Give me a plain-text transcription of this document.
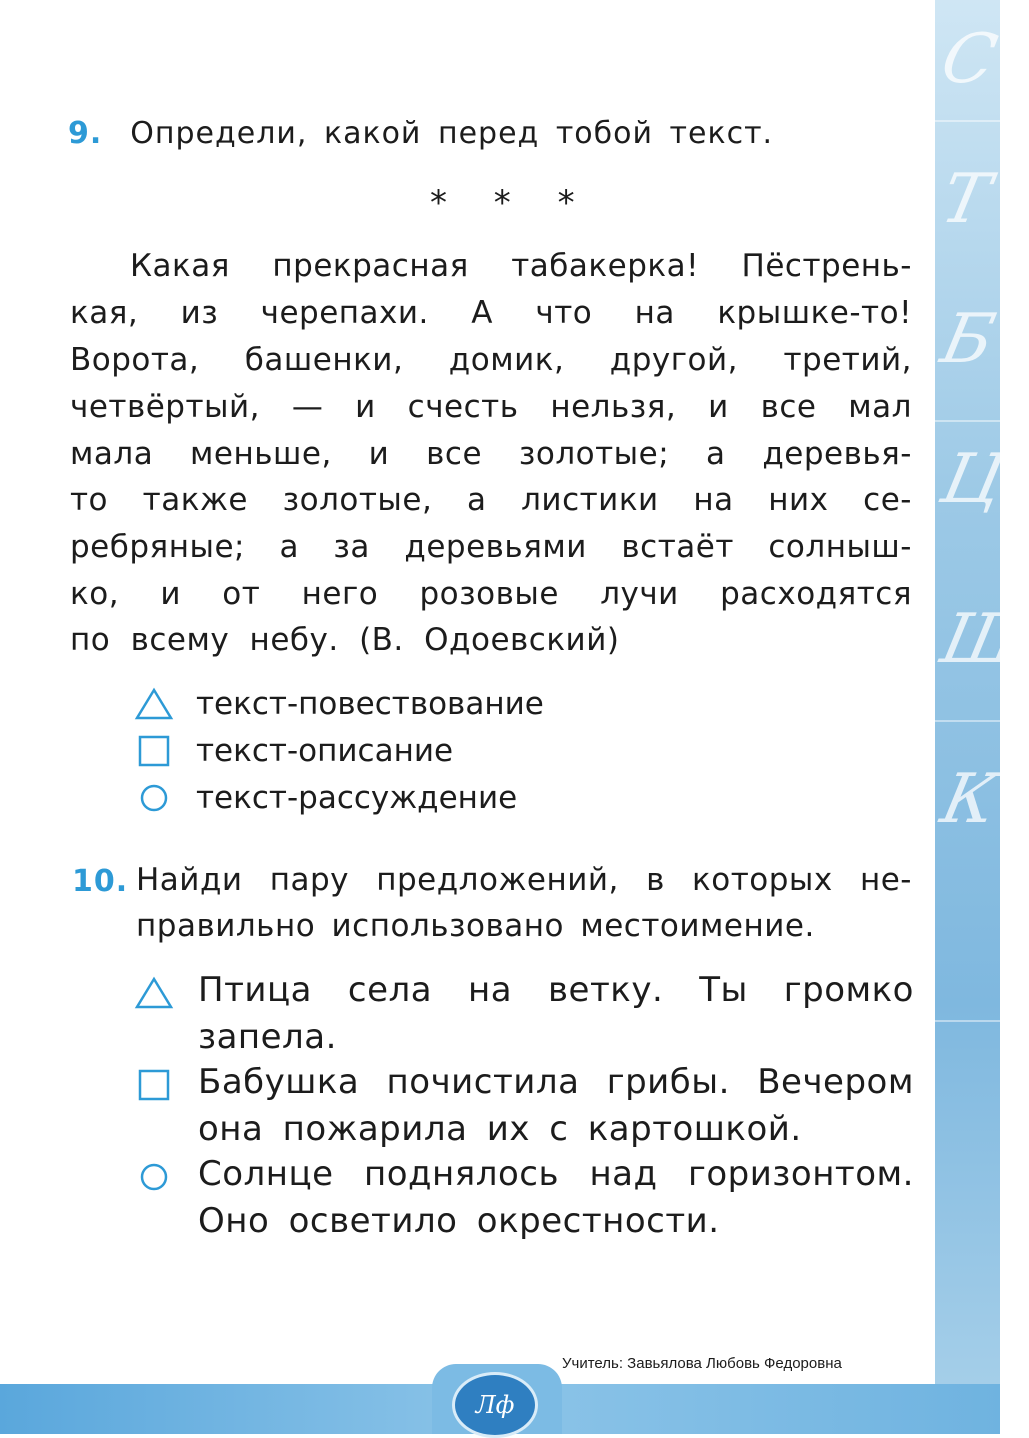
С
Т
Б
Ц
Ш
К
9. Определи, какой перед тобой текст.
* * *
Какая прекрасная табакерка! Пёстрень-
кая, из черепахи. А что на крышке-то!
Ворота, башенки, домик, другой, третий,
четвёртый, — и счесть нельзя, и все мал
мала меньше, и все золотые; а деревья-
то также золотые, а листики на них се-
ребряные; а за деревьями встаёт солныш-
ко, и от него розовые лучи расходятся
по всему небу. (В. Одоевский)
текст-повествование
текст-описание
текст-рассуждение
10. Найди пару предложений, в которых не-
правильно использовано местоимение.
Птица села на ветку. Ты громко
запела.
Бабушка почистила грибы. Вечером
она пожарила их с картошкой.
Солнце поднялось над горизонтом.
Оно осветило окрестности.
Учитель: Завьялова Любовь Федоровна
Лф
